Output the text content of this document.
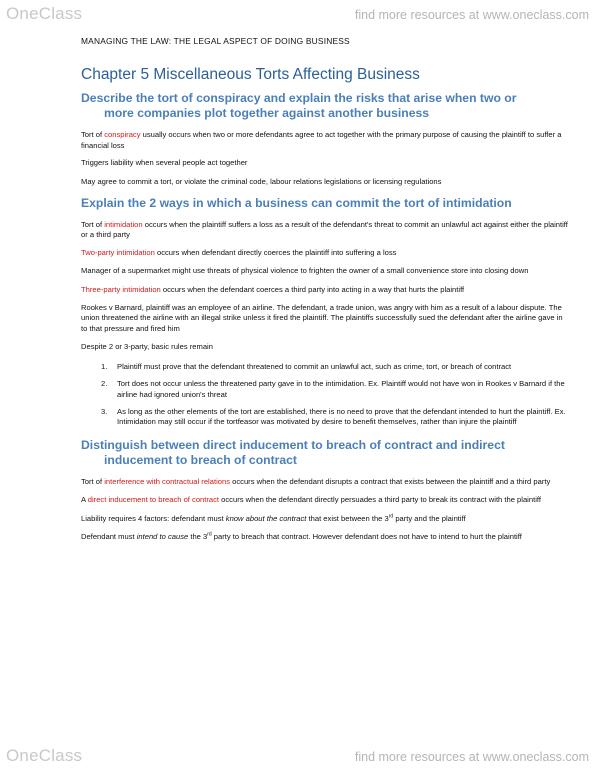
OneClass	find more resources at www.oneclass.com

MANAGING THE LAW: THE LEGAL ASPECT OF DOING BUSINESS

Chapter 5 Miscellaneous Torts Affecting Business
Describe the tort of conspiracy and explain the risks that arise when two or
more companies plot together against another business

Tort of conspiracy usually occurs when two or more defendants agree to act together with the primary purpose of causing the plaintiff to suffer a financial loss

Triggers liability when several people act together

May agree to commit a tort, or violate the criminal code, labour relations legislations or licensing regulations

Explain the 2 ways in which a business can commit the tort of intimidation

Tort of intimidation occurs when the plaintiff suffers a loss as a result of the defendant's threat to commit an unlawful act against either the plaintiff or a third party

Two-party intimidation occurs when defendant directly coerces the plaintiff into suffering a loss

Manager of a supermarket might use threats of physical violence to frighten the owner of a small convenience store into closing down

Three-party intimidation occurs when the defendant coerces a third party into acting in a way that hurts the plaintiff

Rookes v Barnard, plaintiff was an employee of an airline. The defendant, a trade union, was angry with him as a result of a labour dispute. The union threatened the airline with an illegal strike unless it fired the plaintiff. The plaintiffs successfully sued the defendant after the airline gave in to that pressure and fired him

Despite 2 or 3-party, basic rules remain

1. Plaintiff must prove that the defendant threatened to commit an unlawful act, such as crime, tort, or breach of contract
2. Tort does not occur unless the threatened party gave in to the intimidation. Ex. Plaintiff would not have won in Rookes v Barnard if the airline had ignored union's threat
3. As long as the other elements of the tort are established, there is no need to prove that the defendant intended to hurt the plaintiff. Ex. Intimidation may still occur if the tortfeasor was motivated by desire to benefit themselves, rather than injure the plaintiff
Distinguish between direct inducement to breach of contract and indirect
inducement to breach of contract

Tort of interference with contractual relations occurs when the defendant disrupts a contract that exists between the plaintiff and a third party

A direct inducement to breach of contract occurs when the defendant directly persuades a third party to break its contract with the plaintiff

Liability requires 4 factors: defendant must know about the contract that exist between the 3rd party and the plaintiff

Defendant must intend to cause the 3rd party to breach that contract. However defendant does not have to intend to hurt the plaintiff

OneClass	find more resources at www.oneclass.com
